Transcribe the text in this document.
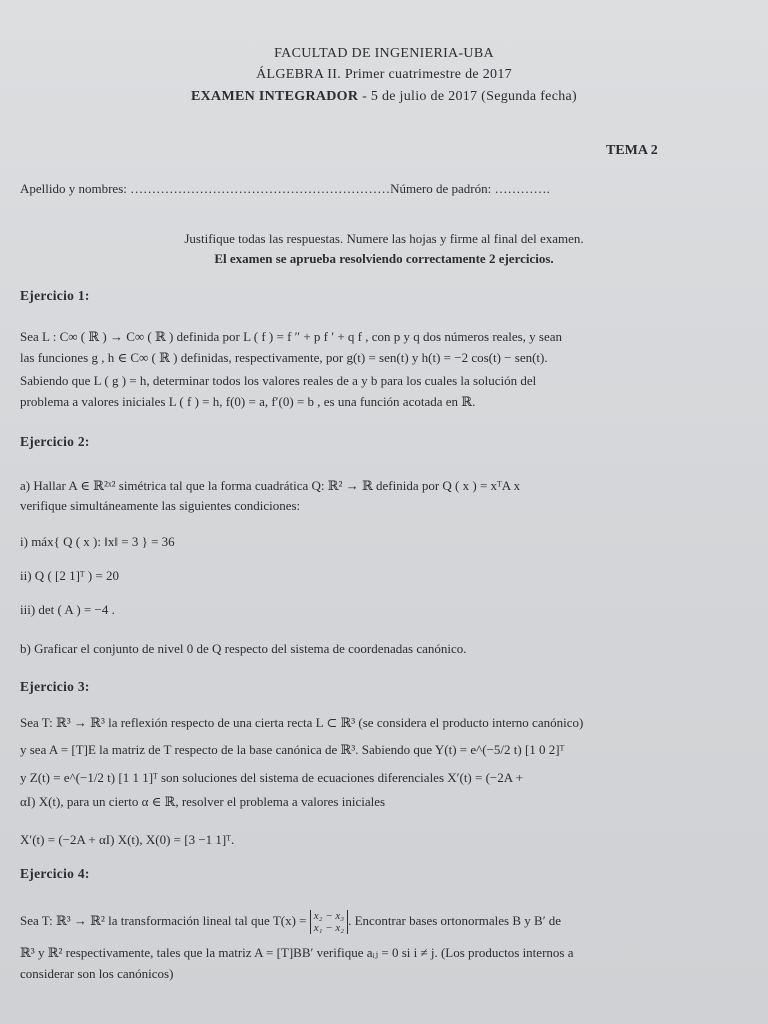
FACULTAD DE INGENIERIA-UBA
ÁLGEBRA II. Primer cuatrimestre de 2017
EXAMEN INTEGRADOR - 5 de julio de 2017 (Segunda fecha)
TEMA 2
Apellido y nombres: ……………………………………………………Número de padrón: ………….
Justifique todas las respuestas. Numere las hojas y firme al final del examen.
El examen se aprueba resolviendo correctamente 2 ejercicios.
Ejercicio 1:
Sea L : C∞ ( ℝ ) → C∞ ( ℝ ) definida por L ( f ) = f ″ + p f ′ + q f , con p y q dos números reales, y sean
las funciones g , h ∈ C∞ ( ℝ ) definidas, respectivamente, por g(t) = sen(t) y h(t) = −2 cos(t) − sen(t).
Sabiendo que L ( g ) = h, determinar todos los valores reales de a y b para los cuales la solución del
problema a valores iniciales L ( f ) = h, f(0) = a, f′(0) = b , es una función acotada en ℝ.
Ejercicio 2:
a) Hallar A ∈ ℝ²ˣ² simétrica tal que la forma cuadrática Q: ℝ² → ℝ definida por Q ( x ) = xᵀA x
verifique simultáneamente las siguientes condiciones:
i) máx{ Q ( x ): ‖x‖ = 3 } = 36
ii) Q ( [2 1]ᵀ ) = 20
iii) det ( A ) = −4 .
b) Graficar el conjunto de nivel 0 de Q respecto del sistema de coordenadas canónico.
Ejercicio 3:
Sea T: ℝ³ → ℝ³ la reflexión respecto de una cierta recta L ⊂ ℝ³ (se considera el producto interno canónico)
y sea A = [T]E la matriz de T respecto de la base canónica de ℝ³. Sabiendo que Y(t) = e^(−5/2 t) [1 0 2]ᵀ
y Z(t) = e^(−1/2 t) [1 1 1]ᵀ son soluciones del sistema de ecuaciones diferenciales X′(t) = (−2A +
αI) X(t), para un cierto α ∈ ℝ, resolver el problema a valores iniciales
X′(t) = (−2A + αI) X(t), X(0) = [3 −1 1]ᵀ.
Ejercicio 4:
Sea T: ℝ³ → ℝ² la transformación lineal tal que T(x) = x₂ − x₃
x₁ − x₂
. Encontrar bases ortonormales B y B′ de
ℝ³ y ℝ² respectivamente, tales que la matriz A = [T]BB′ verifique aᵢⱼ = 0 si i ≠ j. (Los productos internos a
considerar son los canónicos)
